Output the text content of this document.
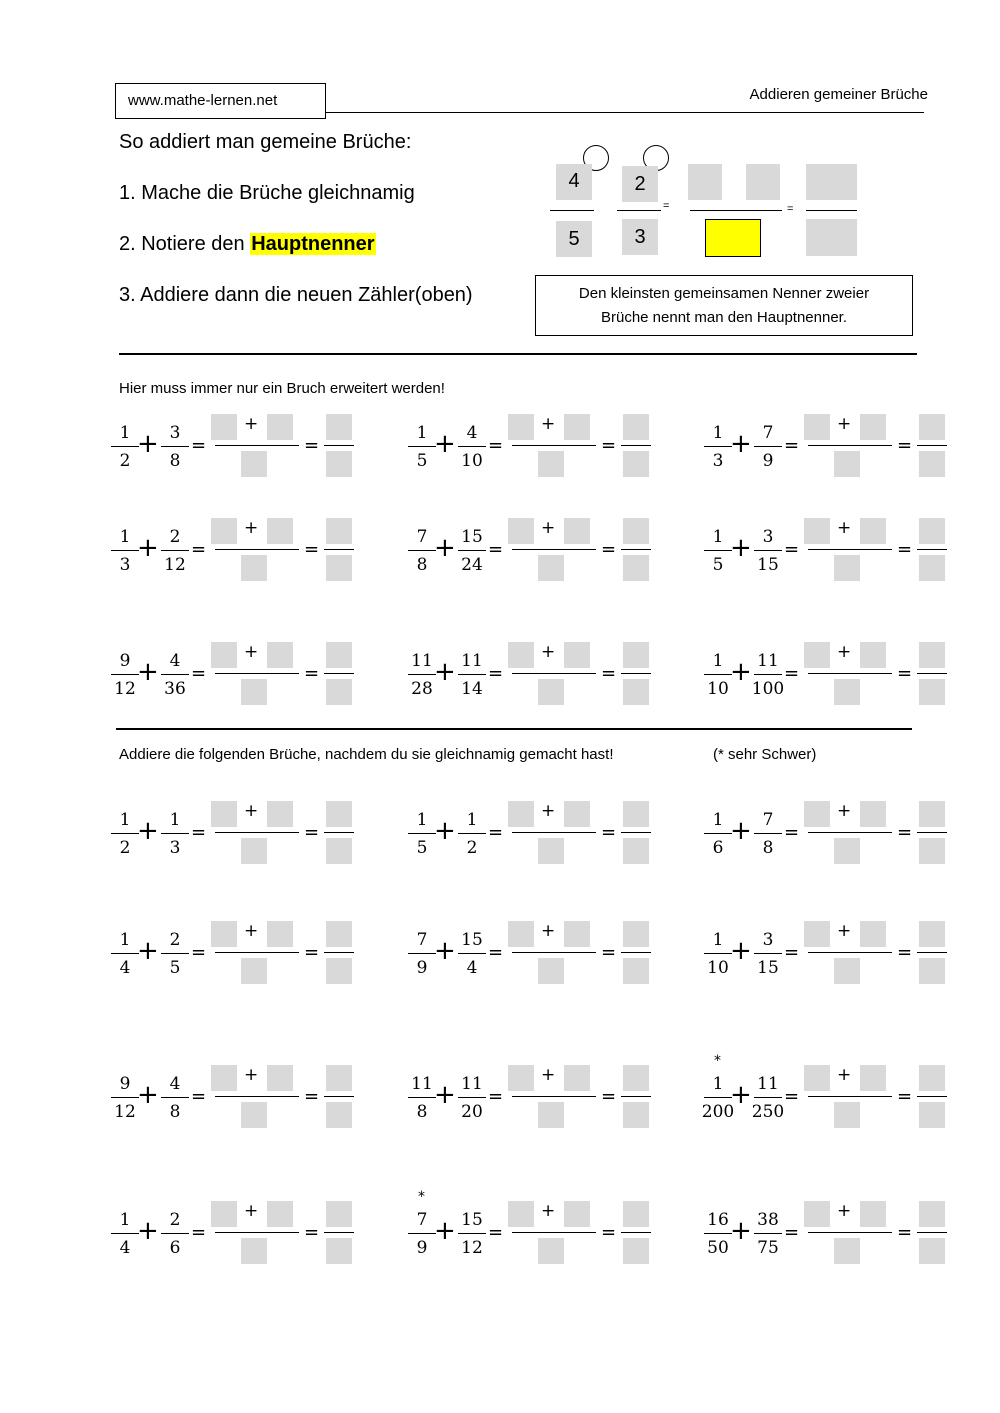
www.mathe-lernen.net	Addieren gemeiner Brüche
So addiert man gemeine Brüche:
1. Mache die Brüche gleichnamig
2. Notiere den Hauptnenner
3. Addiere dann die neuen Zähler(oben)
4
5
2
3
=	=
Den kleinsten gemeinsamen Nenner zweier
Brüche nennt man den Hauptnenner.
Hier muss immer nur ein Bruch erweitert werden!
1
2
+ 3
8
=
+
=
1
5
+ 4
10
=
+
=
1
3
+ 7
9
=
+
=
1
3
+ 2
12
=
+
=
7
8
+ 15
24
=
+
=
1
5
+ 3
15
=
+
=
9
12
+ 4
36
=
+
=
11
28
+ 11
14
=
+
=
1
10
+ 11
100
=
+
=
Addiere die folgenden Brüche, nachdem du sie gleichnamig gemacht hast!	(* sehr Schwer)
1
2
+ 1
3
=
+
=
1
5
+ 1
2
=
+
=
1
6
+ 7
8
=
+
=
1
4
+ 2
5
=
+
=
7
9
+ 15
4
=
+
=
1
10
+ 3
15
=
+
=
9
12
+ 4
8
=
+
=
11
8
+ 11
20
=
+
=
*
1
200
+ 11
250
=
+
=
1
4
+ 2
6
=
+
=
*
7
9
+ 15
12
=
+
=
16
50
+ 38
75
=
+
=
